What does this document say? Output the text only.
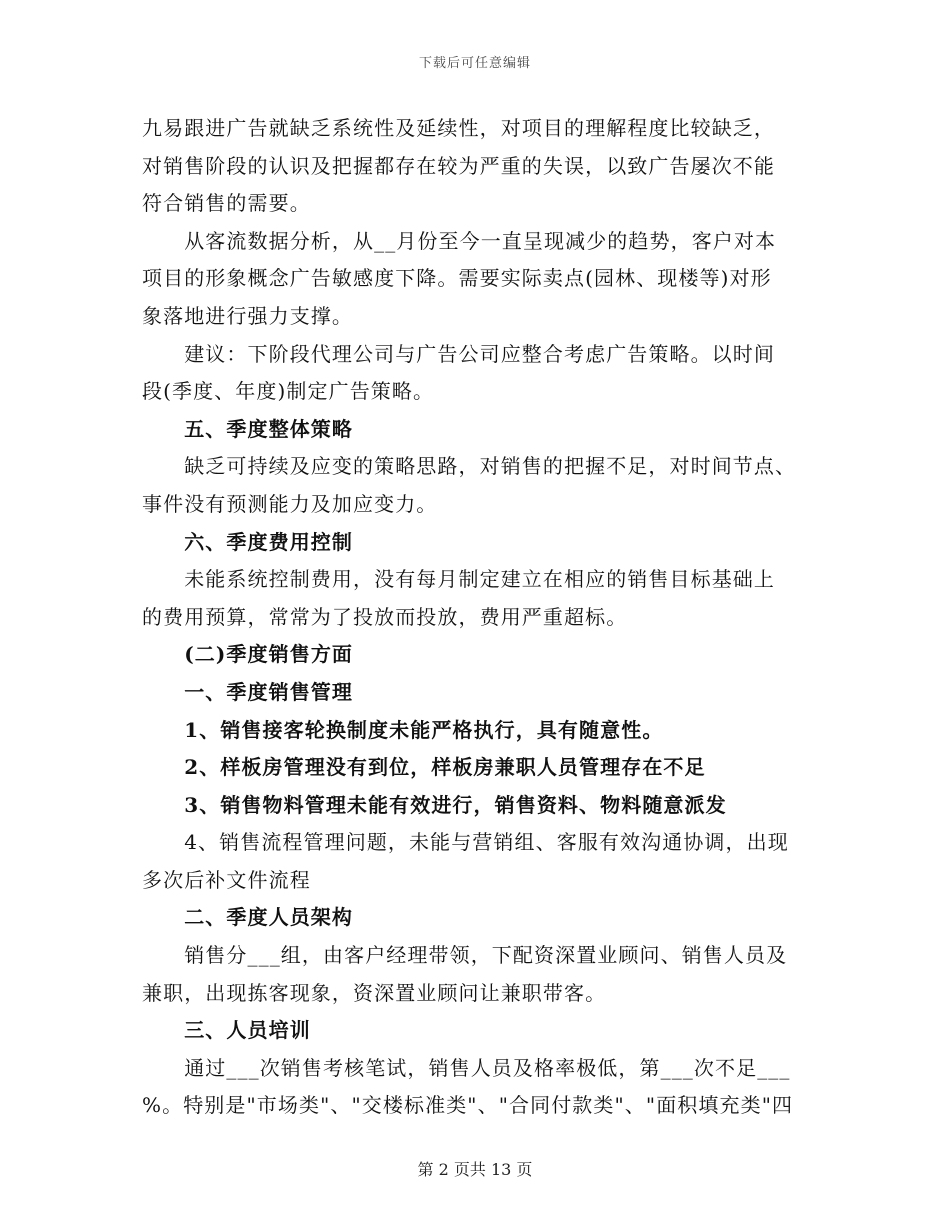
下载后可任意编辑
九易跟进广告就缺乏系统性及延续性，对项目的理解程度比较缺乏，
对销售阶段的认识及把握都存在较为严重的失误，以致广告屡次不能
符合销售的需要。
　　从客流数据分析，从__月份至今一直呈现减少的趋势，客户对本
项目的形象概念广告敏感度下降。需要实际卖点(园林、现楼等)对形
象落地进行强力支撑。
　　建议：下阶段代理公司与广告公司应整合考虑广告策略。以时间
段(季度、年度)制定广告策略。
　　五、季度整体策略
　　缺乏可持续及应变的策略思路，对销售的把握不足，对时间节点、
事件没有预测能力及加应变力。
　　六、季度费用控制
　　未能系统控制费用，没有每月制定建立在相应的销售目标基础上
的费用预算，常常为了投放而投放，费用严重超标。
　　(二)季度销售方面
　　一、季度销售管理
　　1、销售接客轮换制度未能严格执行，具有随意性。
　　2、样板房管理没有到位，样板房兼职人员管理存在不足
　　3、销售物料管理未能有效进行，销售资料、物料随意派发
　　4、销售流程管理问题，未能与营销组、客服有效沟通协调，出现
多次后补文件流程
　　二、季度人员架构
　　销售分___组，由客户经理带领，下配资深置业顾问、销售人员及
兼职，出现拣客现象，资深置业顾问让兼职带客。
　　三、人员培训
　　通过___次销售考核笔试，销售人员及格率极低，第___次不足___
%。特别是"市场类"、"交楼标准类"、"合同付款类"、"面积填充类"四
第 2 页共 13 页
